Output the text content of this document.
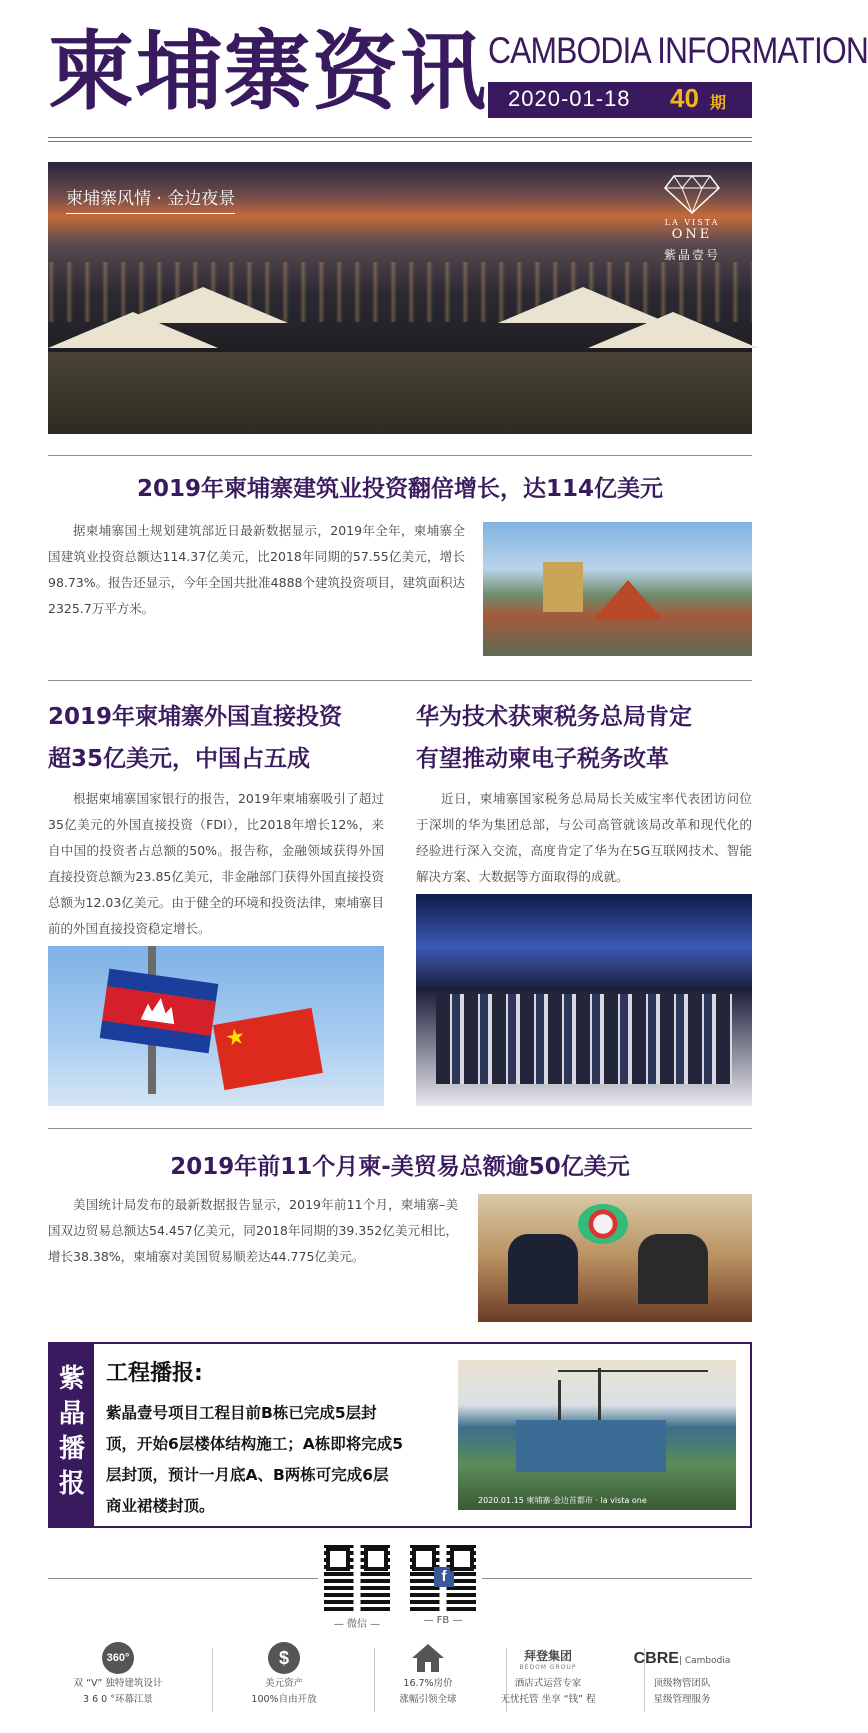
柬埔寨资讯 CAMBODIA INFORMATION
2020-01-18 40 期
柬埔寨风情 · 金边夜景
LA VISTA
ONE
紫晶壹号
2019年柬埔寨建筑业投资翻倍增长，达114亿美元
据柬埔寨国土规划建筑部近日最新数据显示，2019年全年，柬埔寨全国建筑业投资总额达114.37亿美元，比2018年同期的57.55亿美元，增长98.73%。报告还显示，今年全国共批准4888个建筑投资项目，建筑面积达2325.7万平方米。
2019年柬埔寨外国直接投资
超35亿美元，中国占五成
根据柬埔寨国家银行的报告，2019年柬埔寨吸引了超过35亿美元的外国直接投资（FDI），比2018年增长12%，来自中国的投资者占总额的50%。报告称，金融领域获得外国直接投资总额为23.85亿美元，非金融部门获得外国直接投资总额为12.03亿美元。由于健全的环境和投资法律，柬埔寨目前的外国直接投资稳定增长。
★
华为技术获柬税务总局肯定
有望推动柬电子税务改革
近日，柬埔寨国家税务总局局长关威宝率代表团访问位于深圳的华为集团总部，与公司高管就该局改革和现代化的经验进行深入交流，高度肯定了华为在5G互联网技术、智能解决方案、大数据等方面取得的成就。
2019年前11个月柬-美贸易总额逾50亿美元
美国统计局发布的最新数据报告显示，2019年前11个月，柬埔寨–美国双边贸易总额达54.457亿美元，同2018年同期的39.352亿美元相比，增长38.38%，柬埔寨对美国贸易顺差达44.775亿美元。
紫
晶
播
报
工程播报:
紫晶壹号项目工程目前B栋已完成5层封顶，开始6层楼体结构施工；A栋即将完成5层封顶，预计一月底A、B两栋可完成6层商业裙楼封顶。	2020.01.15 柬埔寨·金边首都市 · la vista one
— 微信 —
f
— FB —
360°
双 “V” 独特建筑设计
3 6 0 °环幕江景
$
美元资产
100%自由开放
16.7%房价
涨幅引领全球
拜登集团
BEDOM GROUP
酒店式运营专家
无忧托管 坐享 “钱” 程
CBRE| Cambodia
顶级物管团队
星级管理服务
